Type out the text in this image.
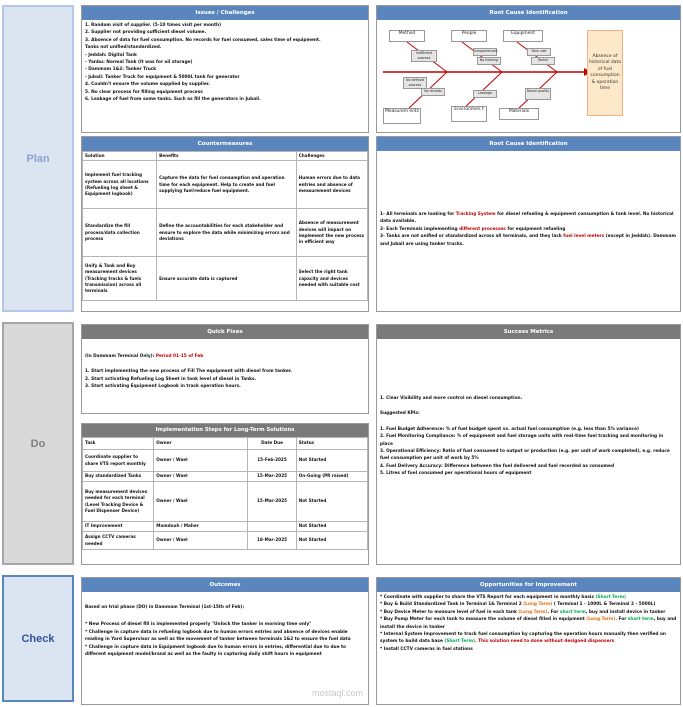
Plan
Do
Check
Issues / Challenges

1. Random visit of supplier. (5-10 times visit per month)

2. Supplier not providing sufficient diesel volume.

3. Absence of data for fuel consumption. No records for fuel consumed, sales time of equipment.

Tanks not unified/standardized.

- Jeddah: Digital Tank

- Yanbu: Normal Tank (It was for oil storage)

- Dammam 1&2: Tanker Truck

- Jubail: Tanker Truck for equipment & 5000L tank for generator

4. Couldn't ensure the volume supplied by supplier.

5. No clear process for filling equipment process

6. Leakage of fuel from some tanks. Such as fill the generators in Jubail.

Root Cause Identification
Method	People	Equipment
Measurem ents	Environmen t	Materials
Inexperienced
No training
Tank size
Tanker
Inefficient process
No defined process
No records	Leakage	Diesel quality
Absence of historical data of fuel consumption & operation time
Countermeasures
Solution	Benefits	Challenges
Implement fuel tracking system across all locations (Refueling log sheet & Equipment logbook)	Capture the data for fuel consumption and operation time for each equipment. Help to create and fuel supplying fuel/reduce fuel equipment.	Human errors due to data entries and absence of measurement devices
Standardize the fill process/data collection process	Define the accountabilities for each stakeholder and ensure to explore the data while minimizing errors and deviations	Absence of measurement devices will impact on implement the new process in efficient way
Unify & Tank and Buy measurement devices (Tracking tracks & fuels transmission) across all terminals	Ensure accurate data is captured	Select the right tank capacity and devices needed with suitable cost
Root Cause Identification

1- All terminals are looking for Tracking System for diesel refueling & equipment consumption & tank level. No historical data available.

2- Each Terminals implementing different processes for equipment refueling

3- Tanks are not unified or standardized across all terminals, and they lack fuel level meters (except in Jeddah). Dammam and Jubail are using tanker trucks.

Quick Fixes

(In Dammam Terminal Only): Period 01-15 of Feb

1. Start implementing the new process of Fill The equipment with diesel from tanker.

2. Start activating Refueling Log Sheet in tank level of diesel in Tanks.

3. Start activating Equipment Logbook in track operation hours.

Implementation Steps for Long-Term Solutions
Task	Owner	Date Due	Status
Coordinate supplier to share VTS report monthly	Owner / Wael	15-Feb-2025	Not Started
Buy standardized Tanks	Owner / Wael	15-Mar-2025	On-Going (PR raised)
Buy measurement devices needed for each terminal (Level Tracking Device & Fuel Dispenser Device)	Owner / Wael	15-Mar-2025	Not Started
IT Improvement	Mamdouh / Maher		Not Started
Assign CCTV cameras needed	Owner / Wael	18-Mar-2025	Not Started
Success Metrics

1. Clear Visibility and more control on diesel consumption.

Suggested KPIs:

1. Fuel Budget Adherence: % of fuel budget spent vs. actual fuel consumption (e.g. less than 5% variance)

2. Fuel Monitoring Compliance: % of equipment and fuel storage units with real-time fuel tracking and monitoring in place

3. Operational Efficiency: Ratio of fuel consumed to output or production (e.g. per unit of work completed), e.g. reduce fuel consumption per unit of work by 5%

4. Fuel Delivery Accuracy: Difference between the fuel delivered and fuel recorded as consumed

5. Litres of fuel consumed per operational hours of equipment

Outcomes

Based on trial phase (DO) in Dammam Terminal (1st-15th of Feb):

* New Process of diesel fill is implemented properly "Unlock the tanker in morning time only"

* Challenge in capture data in refueling logbook due to human errors entries and absence of devices enable reading in Yard Supervisor as well as the movement of tanker between terminals 1&2 to ensure the fuel data

* Challenge in capture data in Equipment logbook due to human errors in entries, differential due to due to different equipment model/brand as well as the faulty in capturing daily shift hours in equipment

Opportunities for Improvement

* Coordinate with supplier to share the VTS Report for each equipment in monthly basis (Short Term)

* Buy & Build Standardized Tank in Terminal 1& Terminal 2 (Long Term) ( Terminal 1 - 1000L & Terminal 2 - 5000L)

* Buy Device Meter to measure level of fuel in each tank (Long Term). For short term, buy and install device in tanker

* Buy Pump Meter for each tank to measure the volume of diesel filled in equipment (Long Term). For short term, buy and install the device in tanker

* Internal System Improvement to track fuel consumption by capturing the operation hours manually then verified on system to build data base (Short Term). This solution need to done without designed dispensers

* Install CCTV cameras in fuel stations

mostaql.com
